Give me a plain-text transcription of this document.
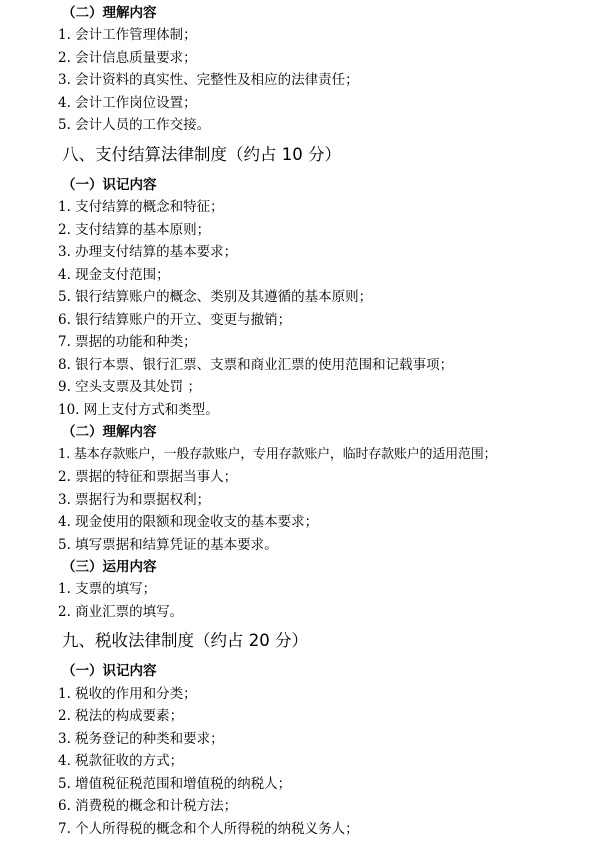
（二）理解内容
1. 会计工作管理体制；
2. 会计信息质量要求；
3. 会计资料的真实性、完整性及相应的法律责任；
4. 会计工作岗位设置；
5. 会计人员的工作交接。
八、支付结算法律制度（约占 10 分）
（一）识记内容
1. 支付结算的概念和特征；
2. 支付结算的基本原则；
3. 办理支付结算的基本要求；
4. 现金支付范围；
5. 银行结算账户的概念、类别及其遵循的基本原则；
6. 银行结算账户的开立、变更与撤销；
7. 票据的功能和种类；
8. 银行本票、银行汇票、支票和商业汇票的使用范围和记载事项；
9. 空头支票及其处罚 ；
10. 网上支付方式和类型。
（二）理解内容
1. 基本存款账户，一般存款账户，专用存款账户，临时存款账户的适用范围；
2. 票据的特征和票据当事人；
3. 票据行为和票据权利；
4. 现金使用的限额和现金收支的基本要求；
5. 填写票据和结算凭证的基本要求。
（三）运用内容
1. 支票的填写；
2. 商业汇票的填写。
九、税收法律制度（约占 20 分）
（一）识记内容
1. 税收的作用和分类；
2. 税法的构成要素；
3. 税务登记的种类和要求；
4. 税款征收的方式；
5. 增值税征税范围和增值税的纳税人；
6. 消费税的概念和计税方法；
7. 个人所得税的概念和个人所得税的纳税义务人；
